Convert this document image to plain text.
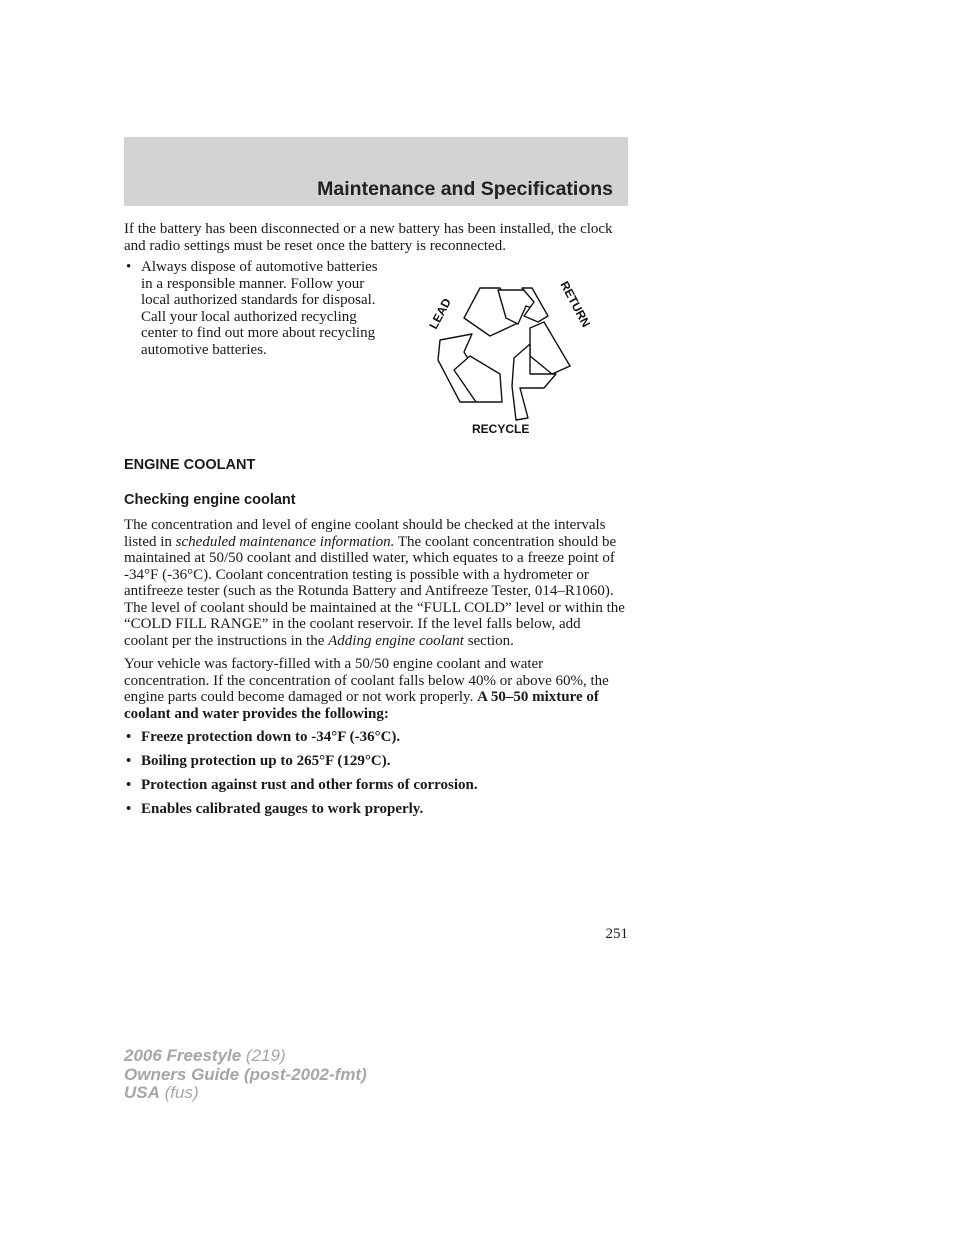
Maintenance and Specifications

If the battery has been disconnected or a new battery has been installed, the clock and radio settings must be reset once the battery is reconnected.

• Always dispose of automotive batteries in a responsible manner. Follow your local authorized standards for disposal. Call your local authorized recycling center to find out more about recycling automotive batteries.
LEAD	RETURN
RECYCLE
ENGINE COOLANT
Checking engine coolant

The concentration and level of engine coolant should be checked at the intervals listed in scheduled maintenance information. The coolant concentration should be maintained at 50/50 coolant and distilled water, which equates to a freeze point of -34°F (-36°C). Coolant concentration testing is possible with a hydrometer or antifreeze tester (such as the Rotunda Battery and Antifreeze Tester, 014–R1060). The level of coolant should be maintained at the “FULL COLD” level or within the “COLD FILL RANGE” in the coolant reservoir. If the level falls below, add coolant per the instructions in the Adding engine coolant section.

Your vehicle was factory-filled with a 50/50 engine coolant and water concentration. If the concentration of coolant falls below 40% or above 60%, the engine parts could become damaged or not work properly. A 50–50 mixture of coolant and water provides the following:

• Freeze protection down to -34°F (-36°C).
• Boiling protection up to 265°F (129°C).
• Protection against rust and other forms of corrosion.
• Enables calibrated gauges to work properly.
251
2006 Freestyle (219)
Owners Guide (post-2002-fmt)
USA (fus)
